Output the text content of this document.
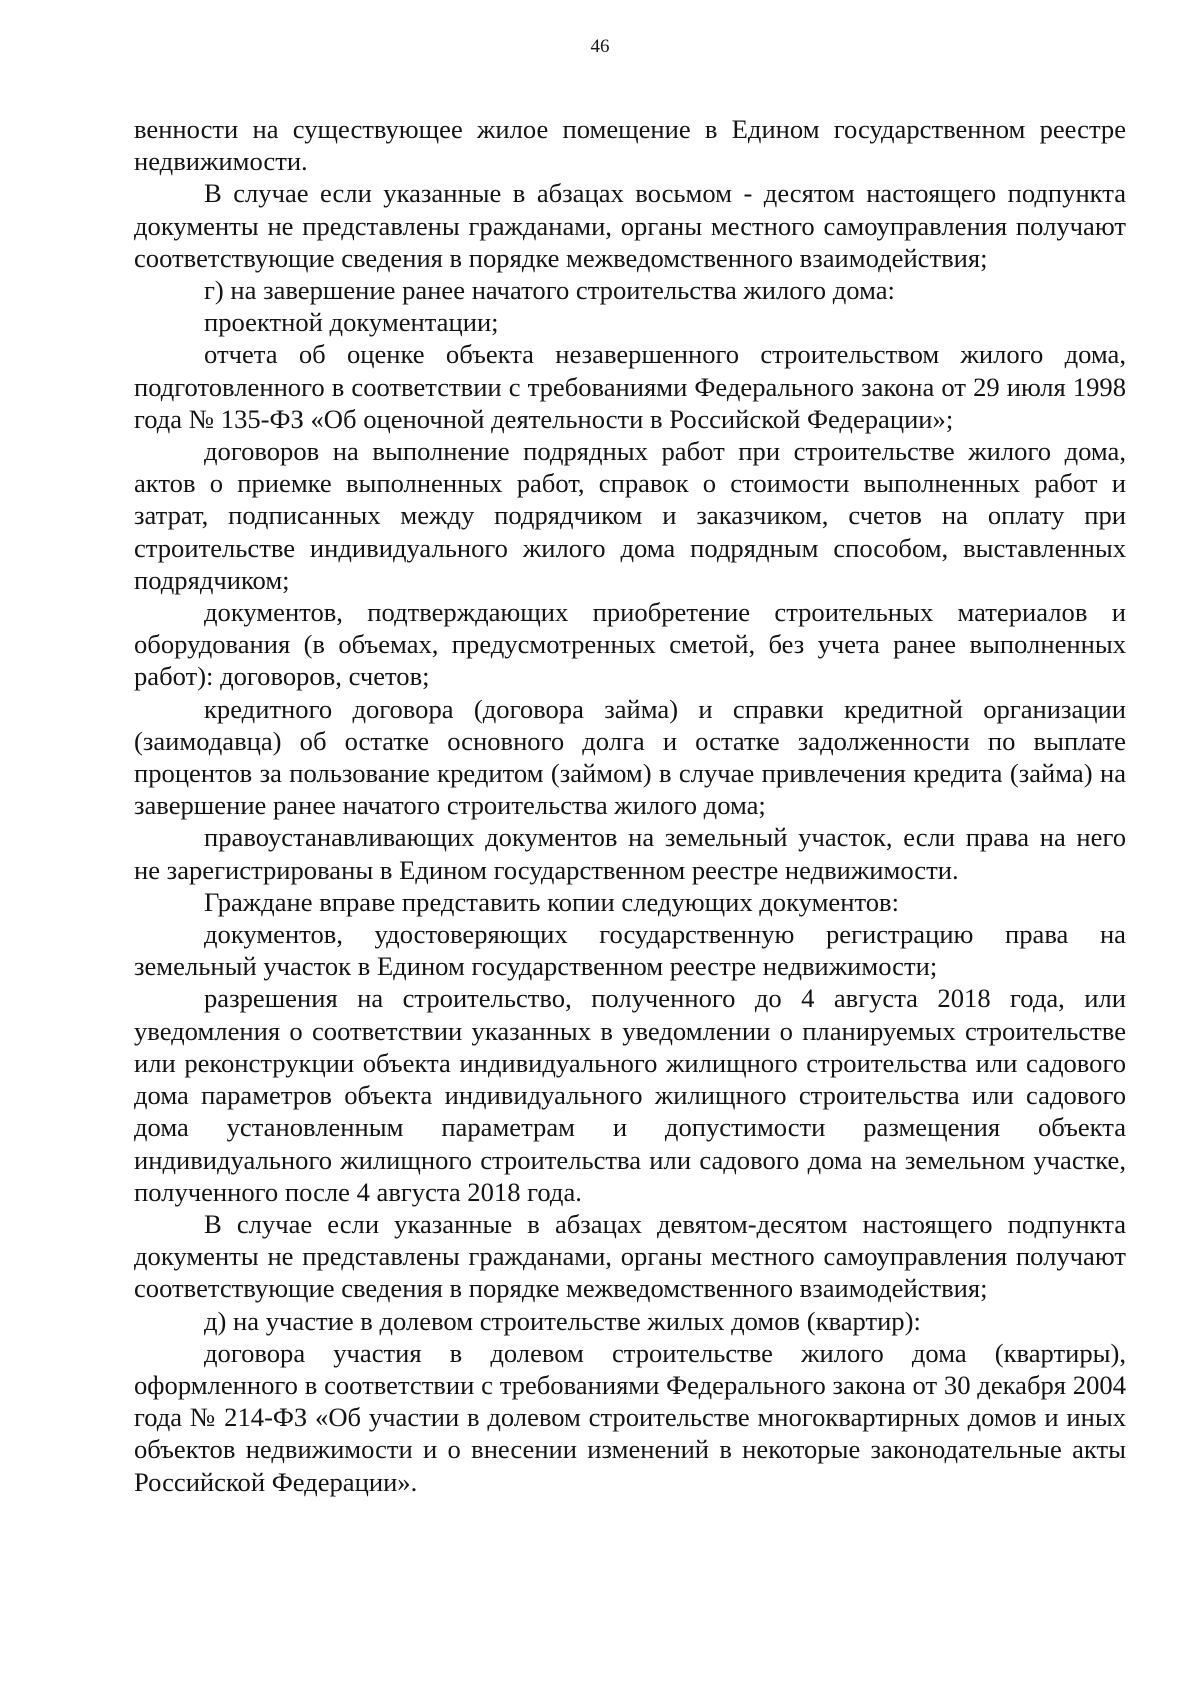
46

венности на существующее жилое помещение в Едином государственном реестре недвижимости.

В случае если указанные в абзацах восьмом - десятом настоящего подпункта документы не представлены гражданами, органы местного самоуправления получают соответствующие сведения в порядке межведомственного взаимодействия;

г) на завершение ранее начатого строительства жилого дома:

проектной документации;

отчета об оценке объекта незавершенного строительством жилого дома, подготовленного в соответствии с требованиями Федерального закона от 29 июля 1998 года № 135-ФЗ «Об оценочной деятельности в Российской Федерации»;

договоров на выполнение подрядных работ при строительстве жилого дома, актов о приемке выполненных работ, справок о стоимости выполненных работ и затрат, подписанных между подрядчиком и заказчиком, счетов на оплату при строительстве индивидуального жилого дома подрядным способом, выставленных подрядчиком;

документов, подтверждающих приобретение строительных материалов и оборудования (в объемах, предусмотренных сметой, без учета ранее выполненных работ): договоров, счетов;

кредитного договора (договора займа) и справки кредитной организации (заимодавца) об остатке основного долга и остатке задолженности по выплате процентов за пользование кредитом (займом) в случае привлечения кредита (займа) на завершение ранее начатого строительства жилого дома;

правоустанавливающих документов на земельный участок, если права на него не зарегистрированы в Едином государственном реестре недвижимости.

Граждане вправе представить копии следующих документов:

документов, удостоверяющих государственную регистрацию права на земельный участок в Едином государственном реестре недвижимости;

разрешения на строительство, полученного до 4 августа 2018 года, или уведомления о соответствии указанных в уведомлении о планируемых строительстве или реконструкции объекта индивидуального жилищного строительства или садового дома параметров объекта индивидуального жилищного строительства или садового дома установленным параметрам и допустимости размещения объекта индивидуального жилищного строительства или садового дома на земельном участке, полученного после 4 августа 2018 года.

В случае если указанные в абзацах девятом-десятом настоящего подпункта документы не представлены гражданами, органы местного самоуправления получают соответствующие сведения в порядке межведомственного взаимодействия;

д) на участие в долевом строительстве жилых домов (квартир):

договора участия в долевом строительстве жилого дома (квартиры), оформленного в соответствии с требованиями Федерального закона от 30 декабря 2004 года № 214-ФЗ «Об участии в долевом строительстве многоквартирных домов и иных объектов недвижимости и о внесении изменений в некоторые законодательные акты Российской Федерации».
